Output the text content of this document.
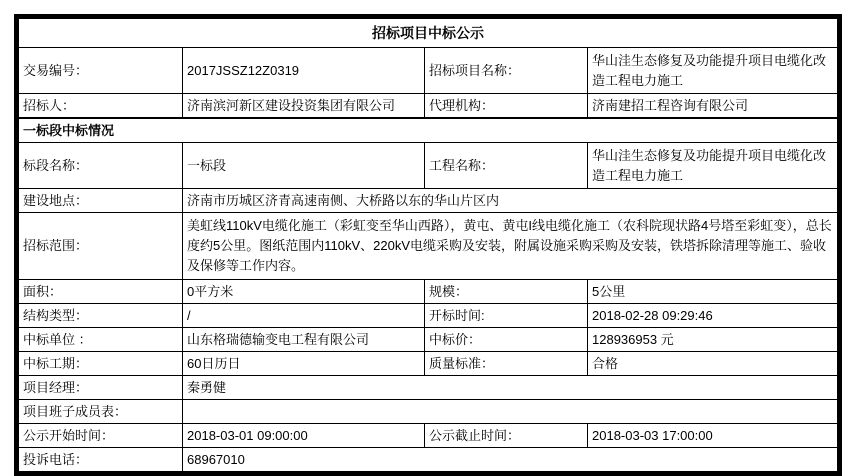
招标项目中标公示			
交易编号：	2017JSSZ12Z0319	招标项目名称：	华山洼生态修复及功能提升项目电缆化改造工程电力施工
招标人：	济南滨河新区建设投资集团有限公司	代理机构：	济南建招工程咨询有限公司
一标段中标情况			
标段名称：	一标段	工程名称：	华山洼生态修复及功能提升项目电缆化改造工程电力施工
建设地点：	济南市历城区济青高速南侧、大桥路以东的华山片区内		
招标范围：	美虹线110kV电缆化施工（彩虹变至华山西路），黄屯、黄屯I线电缆化施工（农科院现状路4号塔至彩虹变），总长度约5公里。图纸范围内110kV、220kV电缆采购及安装，附属设施采购采购及安装，铁塔拆除清理等施工、验收及保修等工作内容。		
面积：	0平方米	规模：	5公里
结构类型：	/	开标时间:	2018-02-28 09:29:46
中标单位 ：	山东格瑞德输变电工程有限公司	中标价：	128936953 元
中标工期：	60日历日	质量标准：	合格
项目经理：	秦勇健		
项目班子成员表：			
公示开始时间：	2018-03-01 09:00:00	公示截止时间：	2018-03-03 17:00:00
投诉电话：	68967010		
